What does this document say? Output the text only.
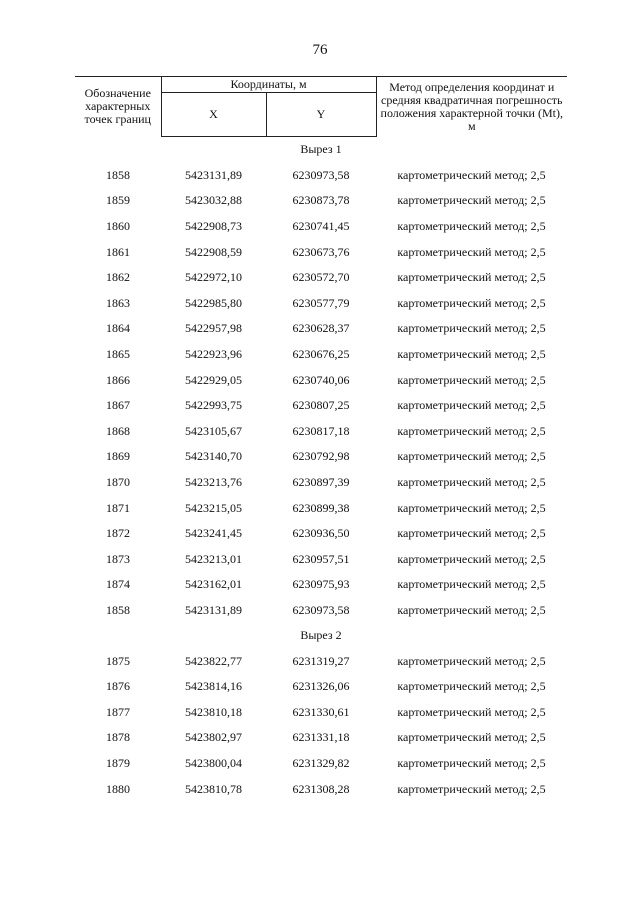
76
Обозначение характерных точек границ	Координаты, м		Метод определения координат и средняя квадратичная погрешность положения характерной точки (Mt), м
	X	Y	
Вырез 1			
1858	5423131,89	6230973,58	картометрический метод; 2,5
1859	5423032,88	6230873,78	картометрический метод; 2,5
1860	5422908,73	6230741,45	картометрический метод; 2,5
1861	5422908,59	6230673,76	картометрический метод; 2,5
1862	5422972,10	6230572,70	картометрический метод; 2,5
1863	5422985,80	6230577,79	картометрический метод; 2,5
1864	5422957,98	6230628,37	картометрический метод; 2,5
1865	5422923,96	6230676,25	картометрический метод; 2,5
1866	5422929,05	6230740,06	картометрический метод; 2,5
1867	5422993,75	6230807,25	картометрический метод; 2,5
1868	5423105,67	6230817,18	картометрический метод; 2,5
1869	5423140,70	6230792,98	картометрический метод; 2,5
1870	5423213,76	6230897,39	картометрический метод; 2,5
1871	5423215,05	6230899,38	картометрический метод; 2,5
1872	5423241,45	6230936,50	картометрический метод; 2,5
1873	5423213,01	6230957,51	картометрический метод; 2,5
1874	5423162,01	6230975,93	картометрический метод; 2,5
1858	5423131,89	6230973,58	картометрический метод; 2,5
Вырез 2			
1875	5423822,77	6231319,27	картометрический метод; 2,5
1876	5423814,16	6231326,06	картометрический метод; 2,5
1877	5423810,18	6231330,61	картометрический метод; 2,5
1878	5423802,97	6231331,18	картометрический метод; 2,5
1879	5423800,04	6231329,82	картометрический метод; 2,5
1880	5423810,78	6231308,28	картометрический метод; 2,5
